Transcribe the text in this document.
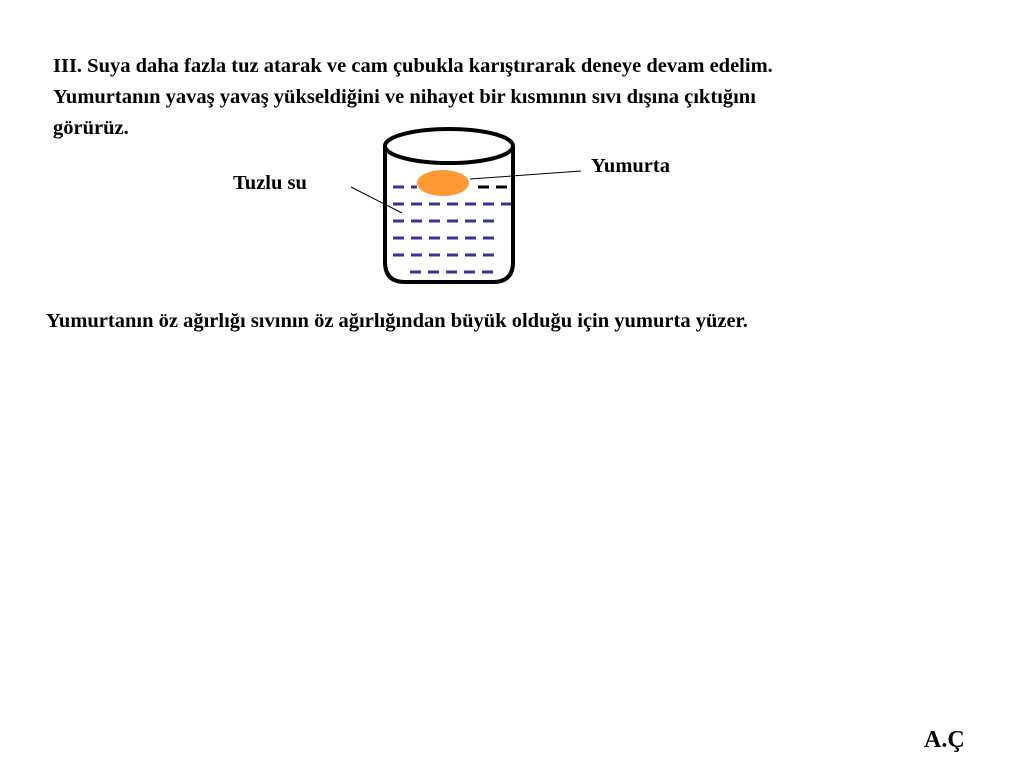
III. Suya daha fazla tuz atarak ve cam çubukla karıştırarak deneye devam edelim.
Yumurtanın yavaş yavaş yükseldiğini ve nihayet bir kısmının sıvı dışına çıktığını
görürüz.

Tuzlu su
Yumurta
Yumurtanın öz ağırlığı sıvının öz ağırlığından büyük olduğu için yumurta yüzer.
A.Ç
